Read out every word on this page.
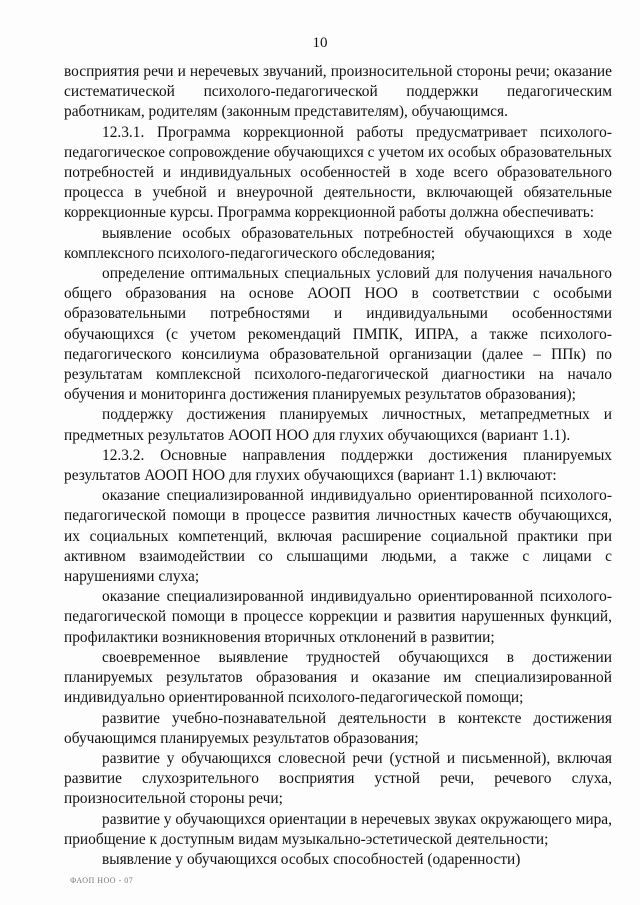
10

восприятия речи и неречевых звучаний, произносительной стороны речи; оказание систематической психолого-педагогической поддержки педагогическим работникам, родителям (законным представителям), обучающимся.

12.3.1. Программа коррекционной работы предусматривает психолого-педагогическое сопровождение обучающихся с учетом их особых образовательных потребностей и индивидуальных особенностей в ходе всего образовательного процесса в учебной и внеурочной деятельности, включающей обязательные коррекционные курсы. Программа коррекционной работы должна обеспечивать:

выявление особых образовательных потребностей обучающихся в ходе комплексного психолого-педагогического обследования;

определение оптимальных специальных условий для получения начального общего образования на основе АООП НОО в соответствии с особыми образовательными потребностями и индивидуальными особенностями обучающихся (с учетом рекомендаций ПМПК, ИПРА, а также психолого-педагогического консилиума образовательной организации (далее – ППк) по результатам комплексной психолого-педагогической диагностики на начало обучения и мониторинга достижения планируемых результатов образования);

поддержку достижения планируемых личностных, метапредметных и предметных результатов АООП НОО для глухих обучающихся (вариант 1.1).

12.3.2. Основные направления поддержки достижения планируемых результатов АООП НОО для глухих обучающихся (вариант 1.1) включают:

оказание специализированной индивидуально ориентированной психолого-педагогической помощи в процессе развития личностных качеств обучающихся, их социальных компетенций, включая расширение социальной практики при активном взаимодействии со слышащими людьми, а также с лицами с нарушениями слуха;

оказание специализированной индивидуально ориентированной психолого-педагогической помощи в процессе коррекции и развития нарушенных функций, профилактики возникновения вторичных отклонений в развитии;

своевременное выявление трудностей обучающихся в достижении планируемых результатов образования и оказание им специализированной индивидуально ориентированной психолого-педагогической помощи;

развитие учебно-познавательной деятельности в контексте достижения обучающимся планируемых результатов образования;

развитие у обучающихся словесной речи (устной и письменной), включая развитие слухозрительного восприятия устной речи, речевого слуха, произносительной стороны речи;

развитие у обучающихся ориентации в неречевых звуках окружающего мира, приобщение к доступным видам музыкально-эстетической деятельности;

выявление у обучающихся особых способностей (одаренности)

ФАОП НОО - 07
